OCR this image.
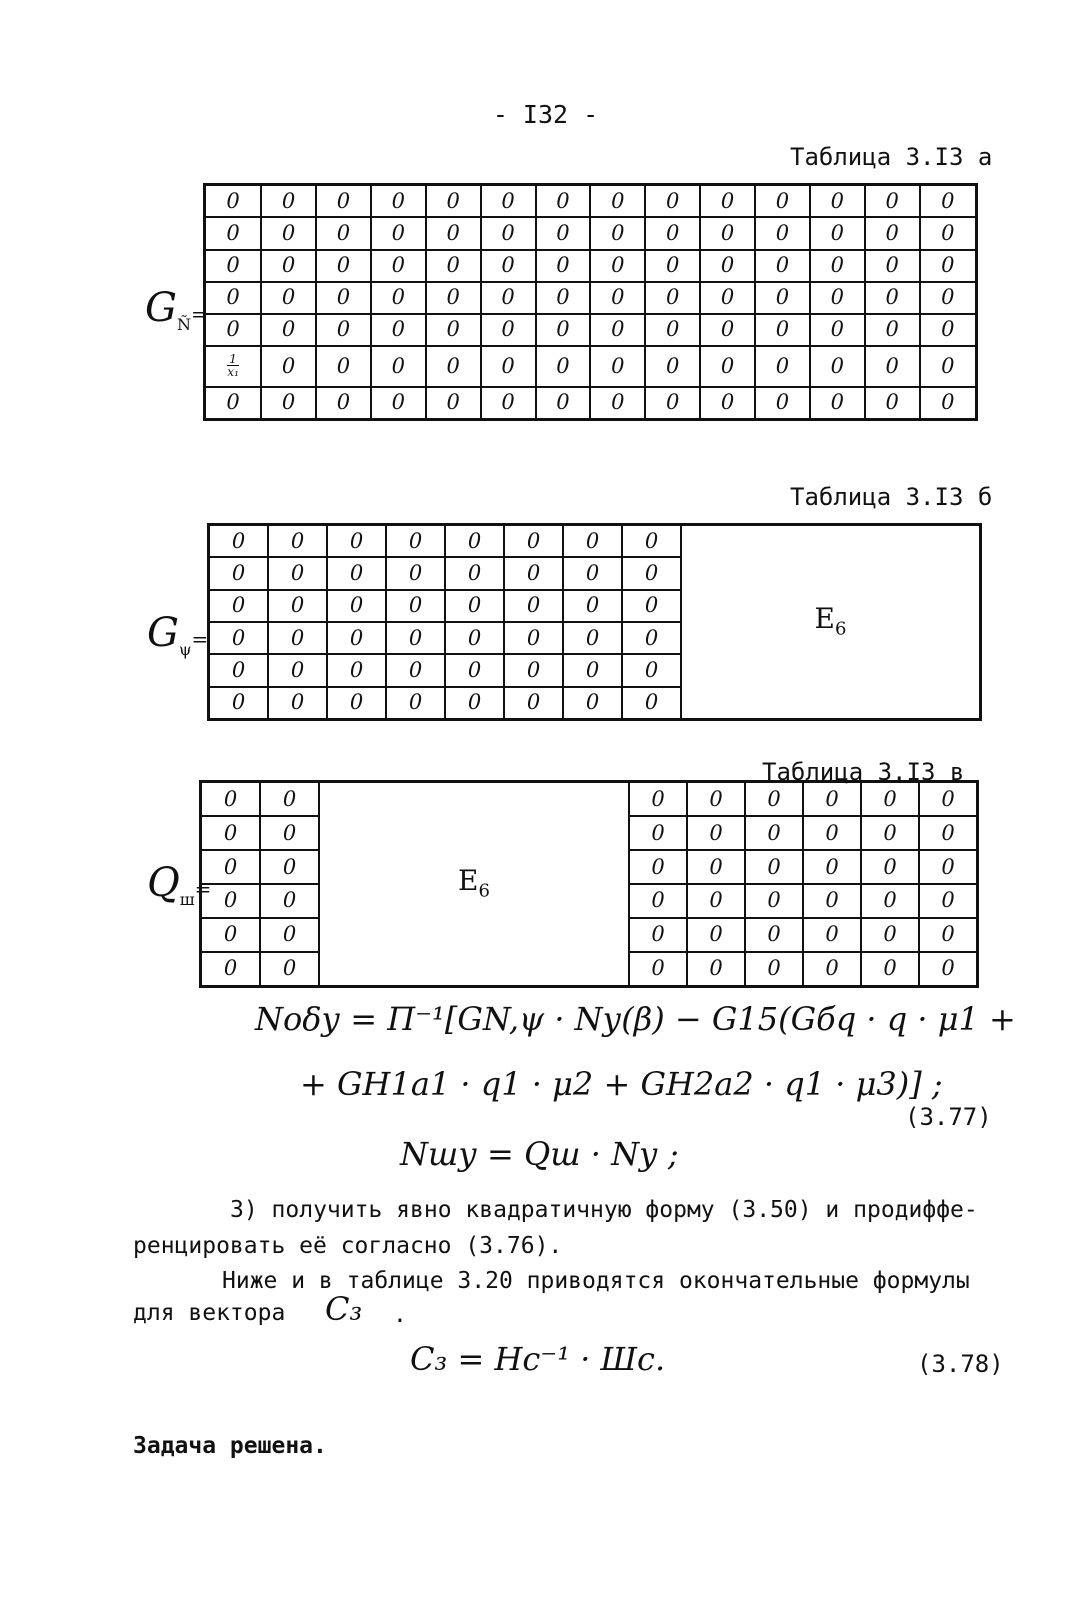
- I32 -
Таблица 3.I3 а
$G_Ñ=$
0	0	0	0	0	0	0	0	0	0	0	0	0	0
0	0	0	0	0	0	0	0	0	0	0	0	0	0
0	0	0	0	0	0	0	0	0	0	0	0	0	0
0	0	0	0	0	0	0	0	0	0	0	0	0	0
0	0	0	0	0	0	0	0	0	0	0	0	0	0

$\frac{1}{\text{x₁}}$	0	0	0	0	0	0	0	0	0	0	0	0	0
0	0	0	0	0	0	0	0	0	0	0	0	0	0
Таблица 3.I3 б
$G_\psi=$
0	0	0	0	0	0	0	0	$E_6$
0	0	0	0	0	0	0	0	
0	0	0	0	0	0	0	0	
0	0	0	0	0	0	0	0	
0	0	0	0	0	0	0	0	
0	0	0	0	0	0	0	0	
Таблица 3.I3 в
$Q_ш=$
0	0	$E_6$	0	0	0	0	0	0
0	0		0	0	0	0	0	0
0	0		0	0	0	0	0	0
0	0		0	0	0	0	0	0
0	0		0	0	0	0	0	0
0	0		0	0	0	0	0	0
Nоδу = П⁻¹[GN,ψ · Nу(β) − G15(Gбq · q · μ1 +
+ GH1a1 · q1 · μ2 + GH2a2 · q1 · μ3)] ;
Nшу = Qш · Nу ;
(3.77)
3) получить явно квадратичную форму (3.50) и продиффе-
ренцировать её согласно (3.76).
Ниже и в таблице 3.20 приводятся окончательные формулы
для вектора C₃ .
C₃ = Hc⁻¹ · Шc.	(3.78)
Задача решена.
